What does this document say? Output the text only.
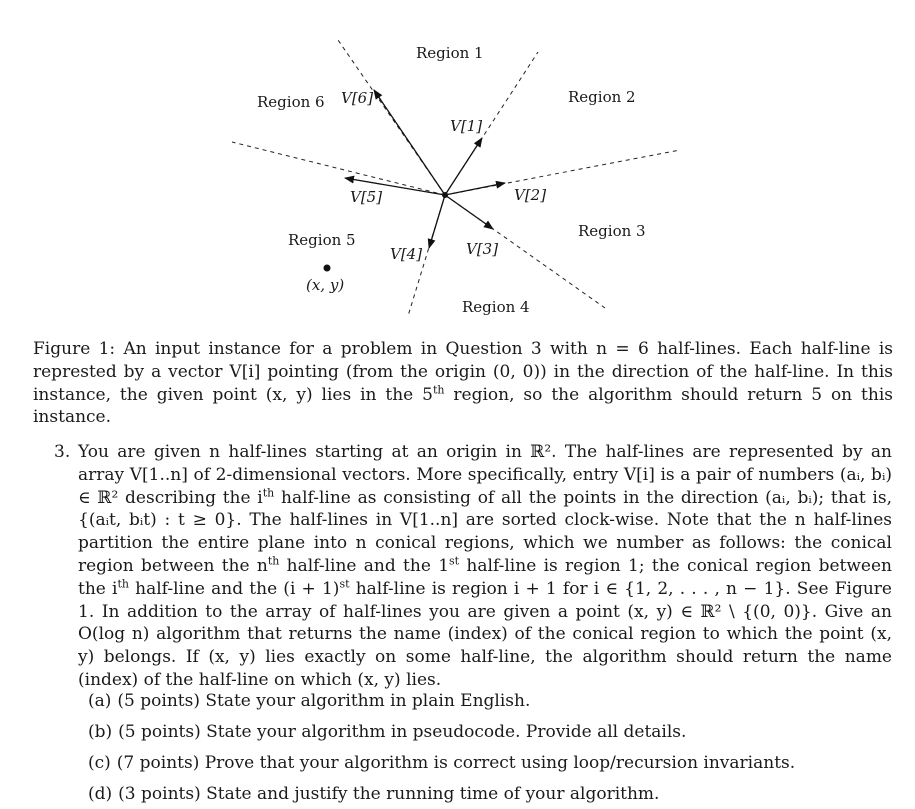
Region 1
Region 2
Region 3
Region 4
Region 5
Region 6
V[1]
V[2]
V[3]
V[4]
V[5]
V[6]
(x, y)
Figure 1: An input instance for a problem in Question 3 with n = 6 half-lines. Each half-line is represted by a vector V[i] pointing (from the origin (0, 0)) in the direction of the half-line. In this instance, the given point (x, y) lies in the 5th region, so the algorithm should return 5 on this instance.
3. You are given n half-lines starting at an origin in ℝ². The half-lines are represented by an array V[1..n] of 2-dimensional vectors. More specifically, entry V[i] is a pair of numbers (aᵢ, bᵢ) ∈ ℝ² describing the $i^{th}$ half-line as consisting of all the points in the direction (aᵢ, bᵢ); that is, {(aᵢt, bᵢt) : t ≥ 0}. The half-lines in V[1..n] are sorted clock-wise. Note that the n half-lines partition the entire plane into n conical regions, which we number as follows: the conical region between the $n^{th}$ half-line and the 1st half-line is region 1; the conical region between the $i^{th}$ half-line and the $(i + 1)^{st}$ half-line is region i + 1 for i ∈ {1, 2, . . . , n − 1}. See Figure 1. In addition to the array of half-lines you are given a point (x, y) ∈ ℝ² \ {(0, 0)}. Give an O(log n) algorithm that returns the name (index) of the conical region to which the point (x, y) belongs. If (x, y) lies exactly on some half-line, the algorithm should return the name (index) of the half-line on which (x, y) lies.
(a) (5 points) State your algorithm in plain English.
(b) (5 points) State your algorithm in pseudocode. Provide all details.
(c) (7 points) Prove that your algorithm is correct using loop/recursion invariants.
(d) (3 points) State and justify the running time of your algorithm.
